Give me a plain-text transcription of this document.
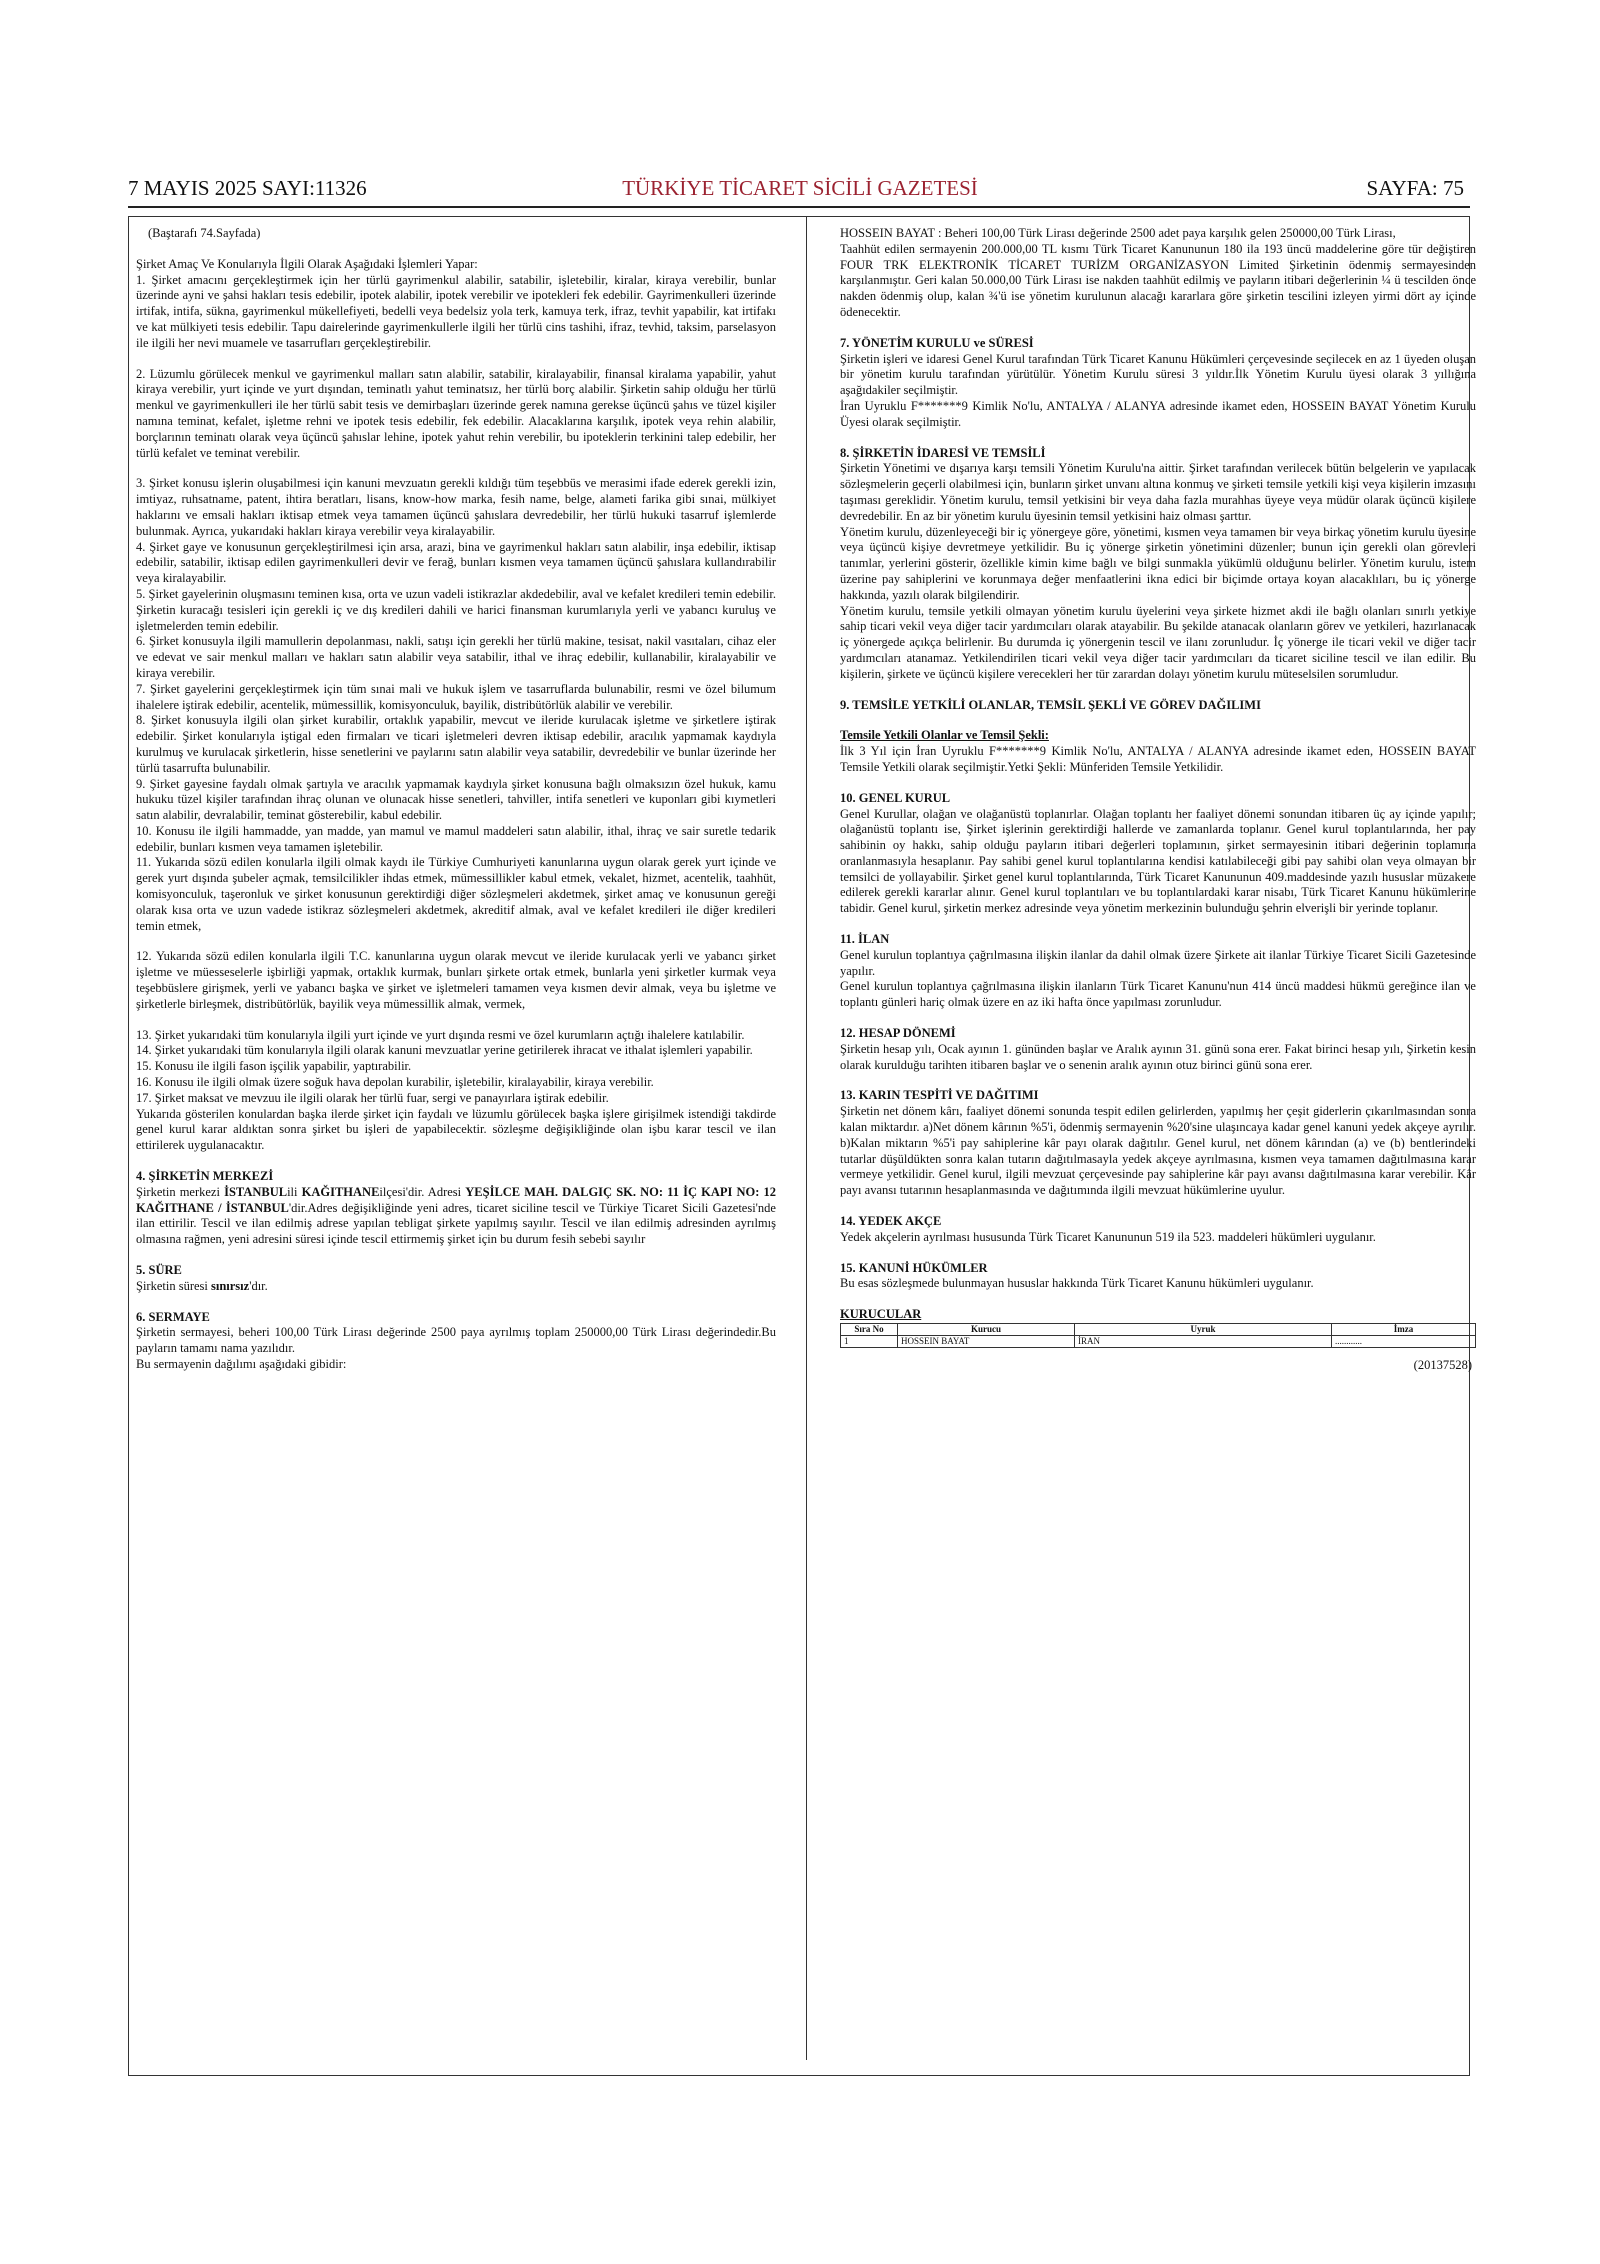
7 MAYIS 2025 SAYI:11326	TÜRKİYE TİCARET SİCİLİ GAZETESİ	SAYFA: 75

(Baştarafı 74.Sayfada)

Şirket Amaç Ve Konularıyla İlgili Olarak Aşağıdaki İşlemleri Yapar:

1. Şirket amacını gerçekleştirmek için her türlü gayrimenkul alabilir, satabilir, işletebilir, kiralar, kiraya verebilir, bunlar üzerinde ayni ve şahsi hakları tesis edebilir, ipotek alabilir, ipotek verebilir ve ipotekleri fek edebilir. Gayrimenkulleri üzerinde irtifak, intifa, sükna, gayrimenkul mükellefiyeti, bedelli veya bedelsiz yola terk, kamuya terk, ifraz, tevhit yapabilir, kat irtifakı ve kat mülkiyeti tesis edebilir. Tapu dairelerinde gayrimenkullerle ilgili her türlü cins tashihi, ifraz, tevhid, taksim, parselasyon ile ilgili her nevi muamele ve tasarrufları gerçekleştirebilir.

2. Lüzumlu görülecek menkul ve gayrimenkul malları satın alabilir, satabilir, kiralayabilir, finansal kiralama yapabilir, yahut kiraya verebilir, yurt içinde ve yurt dışından, teminatlı yahut teminatsız, her türlü borç alabilir. Şirketin sahip olduğu her türlü menkul ve gayrimenkulleri ile her türlü sabit tesis ve demirbaşları üzerinde gerek namına gerekse üçüncü şahıs ve tüzel kişiler namına teminat, kefalet, işletme rehni ve ipotek tesis edebilir, fek edebilir. Alacaklarına karşılık, ipotek veya rehin alabilir, borçlarının teminatı olarak veya üçüncü şahıslar lehine, ipotek yahut rehin verebilir, bu ipoteklerin terkinini talep edebilir, her türlü kefalet ve teminat verebilir.

3. Şirket konusu işlerin oluşabilmesi için kanuni mevzuatın gerekli kıldığı tüm teşebbüs ve merasimi ifade ederek gerekli izin, imtiyaz, ruhsatname, patent, ihtira beratları, lisans, know-how marka, fesih name, belge, alameti farika gibi sınai, mülkiyet haklarını ve emsali hakları iktisap etmek veya tamamen üçüncü şahıslara devredebilir, her türlü hukuki tasarruf işlemlerde bulunmak. Ayrıca, yukarıdaki hakları kiraya verebilir veya kiralayabilir.

4. Şirket gaye ve konusunun gerçekleştirilmesi için arsa, arazi, bina ve gayrimenkul hakları satın alabilir, inşa edebilir, iktisap edebilir, satabilir, iktisap edilen gayrimenkulleri devir ve ferağ, bunları kısmen veya tamamen üçüncü şahıslara kullandırabilir veya kiralayabilir.

5. Şirket gayelerinin oluşmasını teminen kısa, orta ve uzun vadeli istikrazlar akdedebilir, aval ve kefalet kredileri temin edebilir. Şirketin kuracağı tesisleri için gerekli iç ve dış kredileri dahili ve harici finansman kurumlarıyla yerli ve yabancı kuruluş ve işletmelerden temin edebilir.

6. Şirket konusuyla ilgili mamullerin depolanması, nakli, satışı için gerekli her türlü makine, tesisat, nakil vasıtaları, cihaz eler ve edevat ve sair menkul malları ve hakları satın alabilir veya satabilir, ithal ve ihraç edebilir, kullanabilir, kiralayabilir ve kiraya verebilir.

7. Şirket gayelerini gerçekleştirmek için tüm sınai mali ve hukuk işlem ve tasarruflarda bulunabilir, resmi ve özel bilumum ihalelere iştirak edebilir, acentelik, mümessillik, komisyonculuk, bayilik, distribütörlük alabilir ve verebilir.

8. Şirket konusuyla ilgili olan şirket kurabilir, ortaklık yapabilir, mevcut ve ileride kurulacak işletme ve şirketlere iştirak edebilir. Şirket konularıyla iştigal eden firmaları ve ticari işletmeleri devren iktisap edebilir, aracılık yapmamak kaydıyla kurulmuş ve kurulacak şirketlerin, hisse senetlerini ve paylarını satın alabilir veya satabilir, devredebilir ve bunlar üzerinde her türlü tasarrufta bulunabilir.

9. Şirket gayesine faydalı olmak şartıyla ve aracılık yapmamak kaydıyla şirket konusuna bağlı olmaksızın özel hukuk, kamu hukuku tüzel kişiler tarafından ihraç olunan ve olunacak hisse senetleri, tahviller, intifa senetleri ve kuponları gibi kıymetleri satın alabilir, devralabilir, teminat gösterebilir, kabul edebilir.

10. Konusu ile ilgili hammadde, yan madde, yan mamul ve mamul maddeleri satın alabilir, ithal, ihraç ve sair suretle tedarik edebilir, bunları kısmen veya tamamen işletebilir.

11. Yukarıda sözü edilen konularla ilgili olmak kaydı ile Türkiye Cumhuriyeti kanunlarına uygun olarak gerek yurt içinde ve gerek yurt dışında şubeler açmak, temsilcilikler ihdas etmek, mümessillikler kabul etmek, vekalet, hizmet, acentelik, taahhüt, komisyonculuk, taşeronluk ve şirket konusunun gerektirdiği diğer sözleşmeleri akdetmek, şirket amaç ve konusunun gereği olarak kısa orta ve uzun vadede istikraz sözleşmeleri akdetmek, akreditif almak, aval ve kefalet kredileri ile diğer kredileri temin etmek,

12. Yukarıda sözü edilen konularla ilgili T.C. kanunlarına uygun olarak mevcut ve ileride kurulacak yerli ve yabancı şirket işletme ve müesseselerle işbirliği yapmak, ortaklık kurmak, bunları şirkete ortak etmek, bunlarla yeni şirketler kurmak veya teşebbüslere girişmek, yerli ve yabancı başka ve şirket ve işletmeleri tamamen veya kısmen devir almak, veya bu işletme ve şirketlerle birleşmek, distribütörlük, bayilik veya mümessillik almak, vermek,

13. Şirket yukarıdaki tüm konularıyla ilgili yurt içinde ve yurt dışında resmi ve özel kurumların açtığı ihalelere katılabilir.

14. Şirket yukarıdaki tüm konularıyla ilgili olarak kanuni mevzuatlar yerine getirilerek ihracat ve ithalat işlemleri yapabilir.

15. Konusu ile ilgili fason işçilik yapabilir, yaptırabilir.

16. Konusu ile ilgili olmak üzere soğuk hava depolan kurabilir, işletebilir, kiralayabilir, kiraya verebilir.

17. Şirket maksat ve mevzuu ile ilgili olarak her türlü fuar, sergi ve panayırlara iştirak edebilir.

Yukarıda gösterilen konulardan başka ilerde şirket için faydalı ve lüzumlu görülecek başka işlere girişilmek istendiği takdirde genel kurul karar aldıktan sonra şirket bu işleri de yapabilecektir. sözleşme değişikliğinde olan işbu karar tescil ve ilan ettirilerek uygulanacaktır.

4. ŞİRKETİN MERKEZİ

Şirketin merkezi İSTANBULili KAĞITHANEilçesi'dir. Adresi YEŞİLCE MAH. DALGIÇ SK. NO: 11 İÇ KAPI NO: 12 KAĞITHANE / İSTANBUL'dir.Adres değişikliğinde yeni adres, ticaret siciline tescil ve Türkiye Ticaret Sicili Gazetesi'nde ilan ettirilir. Tescil ve ilan edilmiş adrese yapılan tebligat şirkete yapılmış sayılır. Tescil ve ilan edilmiş adresinden ayrılmış olmasına rağmen, yeni adresini süresi içinde tescil ettirmemiş şirket için bu durum fesih sebebi sayılır

5. SÜRE

Şirketin süresi sınırsız'dır.

6. SERMAYE

Şirketin sermayesi, beheri 100,00 Türk Lirası değerinde 2500 paya ayrılmış toplam 250000,00 Türk Lirası değerindedir.Bu payların tamamı nama yazılıdır.

Bu sermayenin dağılımı aşağıdaki gibidir:

HOSSEIN BAYAT : Beheri 100,00 Türk Lirası değerinde 2500 adet paya karşılık gelen 250000,00 Türk Lirası,

Taahhüt edilen sermayenin 200.000,00 TL kısmı Türk Ticaret Kanununun 180 ila 193 üncü maddelerine göre tür değiştiren FOUR TRK ELEKTRONİK TİCARET TURİZM ORGANİZASYON Limited Şirketinin ödenmiş sermayesinden karşılanmıştır. Geri kalan 50.000,00 Türk Lirası ise nakden taahhüt edilmiş ve payların itibari değerlerinin ¼ ü tescilden önce nakden ödenmiş olup, kalan ¾'ü ise yönetim kurulunun alacağı kararlara göre şirketin tescilini izleyen yirmi dört ay içinde ödenecektir.

7. YÖNETİM KURULU ve SÜRESİ

Şirketin işleri ve idaresi Genel Kurul tarafından Türk Ticaret Kanunu Hükümleri çerçevesinde seçilecek en az 1 üyeden oluşan bir yönetim kurulu tarafından yürütülür. Yönetim Kurulu süresi 3 yıldır.İlk Yönetim Kurulu üyesi olarak 3 yıllığına aşağıdakiler seçilmiştir.

İran Uyruklu F*******9 Kimlik No'lu, ANTALYA / ALANYA adresinde ikamet eden, HOSSEIN BAYAT Yönetim Kurulu Üyesi olarak seçilmiştir.

8. ŞİRKETİN İDARESİ VE TEMSİLİ

Şirketin Yönetimi ve dışarıya karşı temsili Yönetim Kurulu'na aittir. Şirket tarafından verilecek bütün belgelerin ve yapılacak sözleşmelerin geçerli olabilmesi için, bunların şirket unvanı altına konmuş ve şirketi temsile yetkili kişi veya kişilerin imzasını taşıması gereklidir. Yönetim kurulu, temsil yetkisini bir veya daha fazla murahhas üyeye veya müdür olarak üçüncü kişilere devredebilir. En az bir yönetim kurulu üyesinin temsil yetkisini haiz olması şarttır.

Yönetim kurulu, düzenleyeceği bir iç yönergeye göre, yönetimi, kısmen veya tamamen bir veya birkaç yönetim kurulu üyesine veya üçüncü kişiye devretmeye yetkilidir. Bu iç yönerge şirketin yönetimini düzenler; bunun için gerekli olan görevleri tanımlar, yerlerini gösterir, özellikle kimin kime bağlı ve bilgi sunmakla yükümlü olduğunu belirler. Yönetim kurulu, istem üzerine pay sahiplerini ve korunmaya değer menfaatlerini ikna edici bir biçimde ortaya koyan alacaklıları, bu iç yönerge hakkında, yazılı olarak bilgilendirir.

Yönetim kurulu, temsile yetkili olmayan yönetim kurulu üyelerini veya şirkete hizmet akdi ile bağlı olanları sınırlı yetkiye sahip ticari vekil veya diğer tacir yardımcıları olarak atayabilir. Bu şekilde atanacak olanların görev ve yetkileri, hazırlanacak iç yönergede açıkça belirlenir. Bu durumda iç yönergenin tescil ve ilanı zorunludur. İç yönerge ile ticari vekil ve diğer tacir yardımcıları atanamaz. Yetkilendirilen ticari vekil veya diğer tacir yardımcıları da ticaret siciline tescil ve ilan edilir. Bu kişilerin, şirkete ve üçüncü kişilere verecekleri her tür zarardan dolayı yönetim kurulu müteselsilen sorumludur.

9. TEMSİLE YETKİLİ OLANLAR, TEMSİL ŞEKLİ VE GÖREV DAĞILIMI

Temsile Yetkili Olanlar ve Temsil Şekli:

İlk 3 Yıl için İran Uyruklu F*******9 Kimlik No'lu, ANTALYA / ALANYA adresinde ikamet eden, HOSSEIN BAYAT Temsile Yetkili olarak seçilmiştir.Yetki Şekli: Münferiden Temsile Yetkilidir.

10. GENEL KURUL

Genel Kurullar, olağan ve olağanüstü toplanırlar. Olağan toplantı her faaliyet dönemi sonundan itibaren üç ay içinde yapılır; olağanüstü toplantı ise, Şirket işlerinin gerektirdiği hallerde ve zamanlarda toplanır. Genel kurul toplantılarında, her pay sahibinin oy hakkı, sahip olduğu payların itibari değerleri toplamının, şirket sermayesinin itibari değerinin toplamına oranlanmasıyla hesaplanır. Pay sahibi genel kurul toplantılarına kendisi katılabileceği gibi pay sahibi olan veya olmayan bir temsilci de yollayabilir. Şirket genel kurul toplantılarında, Türk Ticaret Kanununun 409.maddesinde yazılı hususlar müzakere edilerek gerekli kararlar alınır. Genel kurul toplantıları ve bu toplantılardaki karar nisabı, Türk Ticaret Kanunu hükümlerine tabidir. Genel kurul, şirketin merkez adresinde veya yönetim merkezinin bulunduğu şehrin elverişli bir yerinde toplanır.

11. İLAN

Genel kurulun toplantıya çağrılmasına ilişkin ilanlar da dahil olmak üzere Şirkete ait ilanlar Türkiye Ticaret Sicili Gazetesinde yapılır.

Genel kurulun toplantıya çağrılmasına ilişkin ilanların Türk Ticaret Kanunu'nun 414 üncü maddesi hükmü gereğince ilan ve toplantı günleri hariç olmak üzere en az iki hafta önce yapılması zorunludur.

12. HESAP DÖNEMİ

Şirketin hesap yılı, Ocak ayının 1. gününden başlar ve Aralık ayının 31. günü sona erer. Fakat birinci hesap yılı, Şirketin kesin olarak kurulduğu tarihten itibaren başlar ve o senenin aralık ayının otuz birinci günü sona erer.

13. KARIN TESPİTİ VE DAĞITIMI

Şirketin net dönem kârı, faaliyet dönemi sonunda tespit edilen gelirlerden, yapılmış her çeşit giderlerin çıkarılmasından sonra kalan miktardır. a)Net dönem kârının %5'i, ödenmiş sermayenin %20'sine ulaşıncaya kadar genel kanuni yedek akçeye ayrılır. b)Kalan miktarın %5'i pay sahiplerine kâr payı olarak dağıtılır. Genel kurul, net dönem kârından (a) ve (b) bentlerindeki tutarlar düşüldükten sonra kalan tutarın dağıtılmasayla yedek akçeye ayrılmasına, kısmen veya tamamen dağıtılmasına karar vermeye yetkilidir. Genel kurul, ilgili mevzuat çerçevesinde pay sahiplerine kâr payı avansı dağıtılmasına karar verebilir. Kâr payı avansı tutarının hesaplanmasında ve dağıtımında ilgili mevzuat hükümlerine uyulur.

14. YEDEK AKÇE

Yedek akçelerin ayrılması hususunda Türk Ticaret Kanununun 519 ila 523. maddeleri hükümleri uygulanır.

15. KANUNİ HÜKÜMLER

Bu esas sözleşmede bulunmayan hususlar hakkında Türk Ticaret Kanunu hükümleri uygulanır.

KURUCULAR

Sıra No	Kurucu	Uyruk	İmza
1	HOSSEIN BAYAT	İRAN	............

(20137528)
